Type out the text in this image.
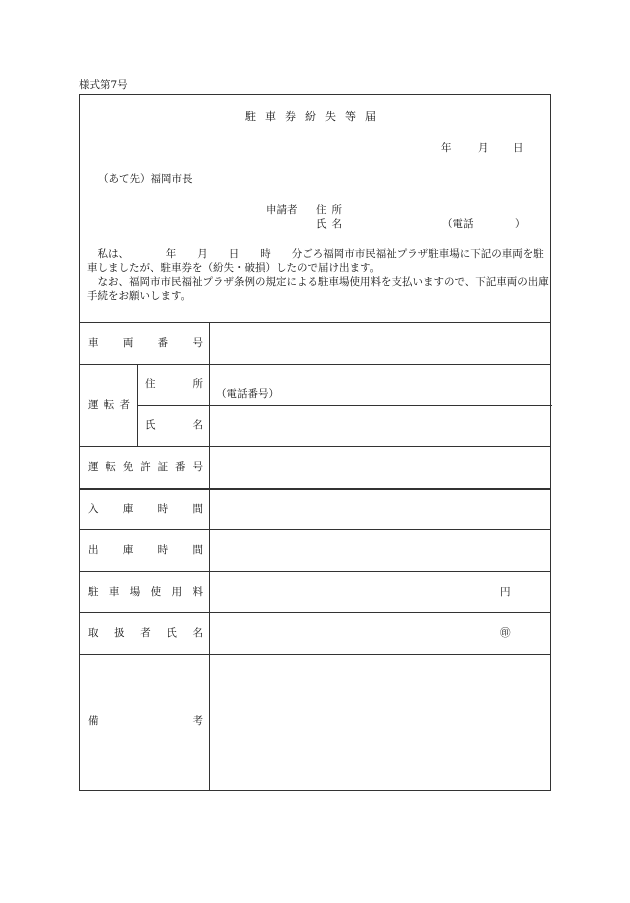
様式第7号
駐車券紛失等届
年	月 日
（あて先）福岡市長
申請者 住所
氏名	（電話	）

私は、　　　　年　　月　　日　　時　　分ごろ福岡市市民福祉プラザ駐車場に下記の車両を駐車しましたが、駐車券を（紛失・破損）したので届け出ます。

なお、福岡市市民福祉プラザ条例の規定による駐車場使用料を支払いますので、下記車両の出庫手続をお願いします。

車 両 番 号
運 転 者
住	所
（電話番号）
氏	名
運 転 免 許 証 番 号
入 庫 時 間
出 庫 時 間
駐 車 場 使 用 料	円
取 扱 者 氏 名	㊞
備	考
